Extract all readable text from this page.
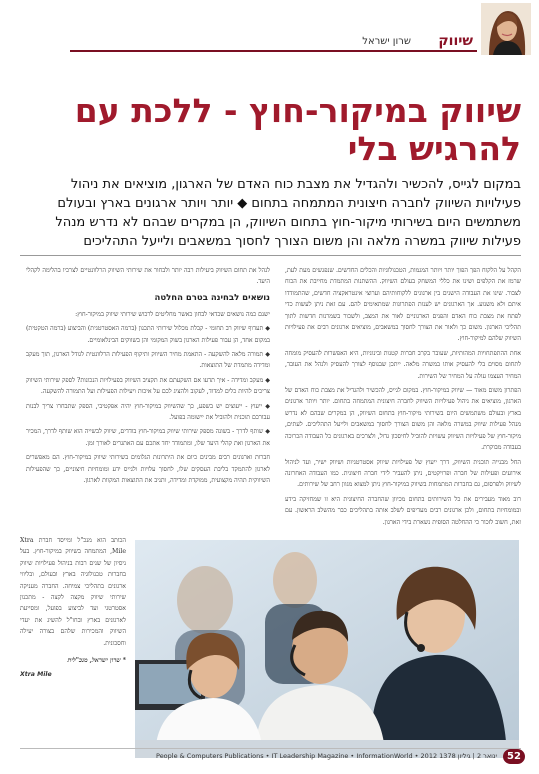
שיווק
שרון ישראל
שיווק במיקור-חוץ - ללכת עם להרגיש בלי
במקום לגייס, להכשיר ולהגדיל את מצבת כוח האדם של הארגון, מוציאים את ניהול פעילויות השיווק לחברה חיצונית המתמחה בתחום ◆ יותר ויותר ארגונים בארץ ובעולם משתמשים היום בשירותי מיקור-חוץ בתחום השיווק, הן במקרים שבהם לא נדרש מנהל פעילות שיווק במשרה מלאה והן משום הצורך לחסוך במשאבים ולייעל התהליכים

הקהל על הלקוח הפך הפוך יותר ויותר המגמות, הטכנולוגיות והכלים החדשים. שנפגשים מעת לעת, שרמז את הקלפים ושינו את כללי המשחק בעולם השיווק. ההשתנות המתמדת מחייבת את הכוח לצבור. שינו את העבודה הישנים בין ארגונים ללקוחותיהם וערוצי אינטראקציה חדשים, שהתמודדו איתם ולא משנוע. אך הארגונים יש לענות הפתרונות שמתאימים להם. עם זאת ניתן לעשות כדי לפתח את מצבת כוח האדם והפנים הארגוניים לאור את המצב, ולשכור בשמרנות חדשות לתוך תהליכי הארגון. משום כך ולאור את הצורך לחסוך במשאבים, מוציאים ארגונים רבים את פעילויות השיווק שלהם למיקור-חוץ.

אחת ההתפתחויות המהותיות, שעובר בקרב חברות קטנות ובינוניות, היא האפשרות להעסיק מומחה לתחום מסוים בלי להעסיק אותו במשרה מלאה. ייתכן שבנוסף לצורך להעסיק ולנהל את העובד, המחיר העצמו עולה על המחיר של השירות.

הפתרון משום מאוד — שיווק במיקור-חוץ. במקום לגייס, להכשיר ולהגדיל את מצבת כוח האדם של הארגון, מוציאים את ניהול פעילויות השיווק לחברה חיצונית המתמחה בתחום. יותר ויותר ארגונים בארץ ובעולם משתמשים היום בשירותי מיקור-חוץ בתחום השיווק, הן במקרים שבהם לא נדרש מנהל פעילות שיווק במשרה מלאה והן משום הצורך לחסוך במשאבים ולייעל התהליכים. לעתים, מיקור-חוץ של פעילויות השיווק עשויות להוביל לחיסכון גדול, ולצרכים בארגונים כל העבודה הכרוכה בעבודה מבוקרת.

החל מבנייה תוכנית השיווק, דרך ייעוץ של פעילויות שיווק אסטרטגיות ושיווק ישיר, ועד לניהול אירועים ופעילות של חברה ופרויקטים, ניתן להעביר לידי חברה חיצונית. כמו העבודה האחרונה לשיווק ולפרסום, גם בחברות המתמחות בשיווק במיקור-חוץ ניתן למצוא מגוון רחב של שירותים.

רוב מאוד מעבירים את כל השירותים בתחום מכיוון שהחברה החיצונית היא זו שמחזיקה בידע ובמומחיות בתחום, ולכן ארגונים רבים מעדיפים לשלב אותה בתהליכים כבר מהשלב הראשון. עם זאת, חשוב לזכור כי ההחלטה הסופית נשארת בידי הארגון.

לנהל את תחום השיווק ביעילות רבה יותר ולבחור את שירותי השיווק הרלוונטיים לצרכיו בהלימה לקהלי היעד.

נושאים לבחינה בטרם החלטה

ישנם כמה נושאים שכדאי לבחון כאשר מחליטים לרכוש שירותי שיווק במיקור-חוץ:

◆ תעדוף שיווק רב תחומי - קבלת מכלול שירותי התכנון (ברמה האסטרטגית) והביצוע (ברמה הטקטית) במקום אחד, הן עבור פעילות הארגון בשוק המקומי והן בשווקים הבינלאומיים.

◆ תמורה מלאה להשקעה - התאמת מחיר השיווק ותיקוף הפעילות הרלוונטית לגודל הארגון, תוך מעקב ומדידה מתמדת של התוצאות.

◆ מעקב ומדידה - איך תדעו אם השקעתם את תקציב השיווק בפעילויות הנכונות? לספק שירותי השיווק צריכים להיות כלים למדוד, לעקוב ולהציג לכם על איכות ויעילות הפעילות ועל התמורה להשקעה.

◆ ייעוץ - ייעוצים יש בשפע, כך שהשיווק במיקור-חוץ יהיה אפקטיבי, הספק שתבחרו צריך לבנות עבורכם תוכנית ולהוביל את יישומה בפועל.

◆ שותף לדרך - בשונה מספק שירותי שיווק במיקור-חוץ בודדים, שיווק לבשייה הוא שותף לדרך, המכיר את הארגון ואת קהלי היעד שלו, ומתמודד יחד אתכם עם האתגרים לאורך זמן.

חברות וארגונים רבים מבינים כיום את היתרונות הגלומים בשירותי שיווק במיקור-חוץ. הם מאפשרים לארגון להתמקד בליבת העסקים שלו, לחסוך עלויות ולגייס ידע ומומחיות חיצוניים, כך שהפעילות השיווקית תהיה מקצועית, ממוקדת ומדידה, ותניב את התוצאות המקוות לארגון.

הכותב הוא מנכ"ל ומייסד חברת Xtra Mile, המתמחה בשיווק במיקור-חוץ. בעל ניסיון של שנים רבות בניהול פעילויות שיווק בחברות טכנולוגיה בארץ ובעולם, ובליווי ארגונים בתהליכי צמיחה. החברה מעניקה שירותי שיווק מקצה לקצה - מתכנון אסטרטגי ועד לביצוע בפועל, ומסייעת לארגונים בארץ ובחו"ל להשיג את יעדי השיווק והמכירות שלהם בצורה יעילה וחסכונית.

* שרון ישראל, מנכ"לית

Xtra Mile

People & Computers Publications • IT Leadership Magazine • InformationWorld • 2012 ינואר 2 | גיליון 1378	52
